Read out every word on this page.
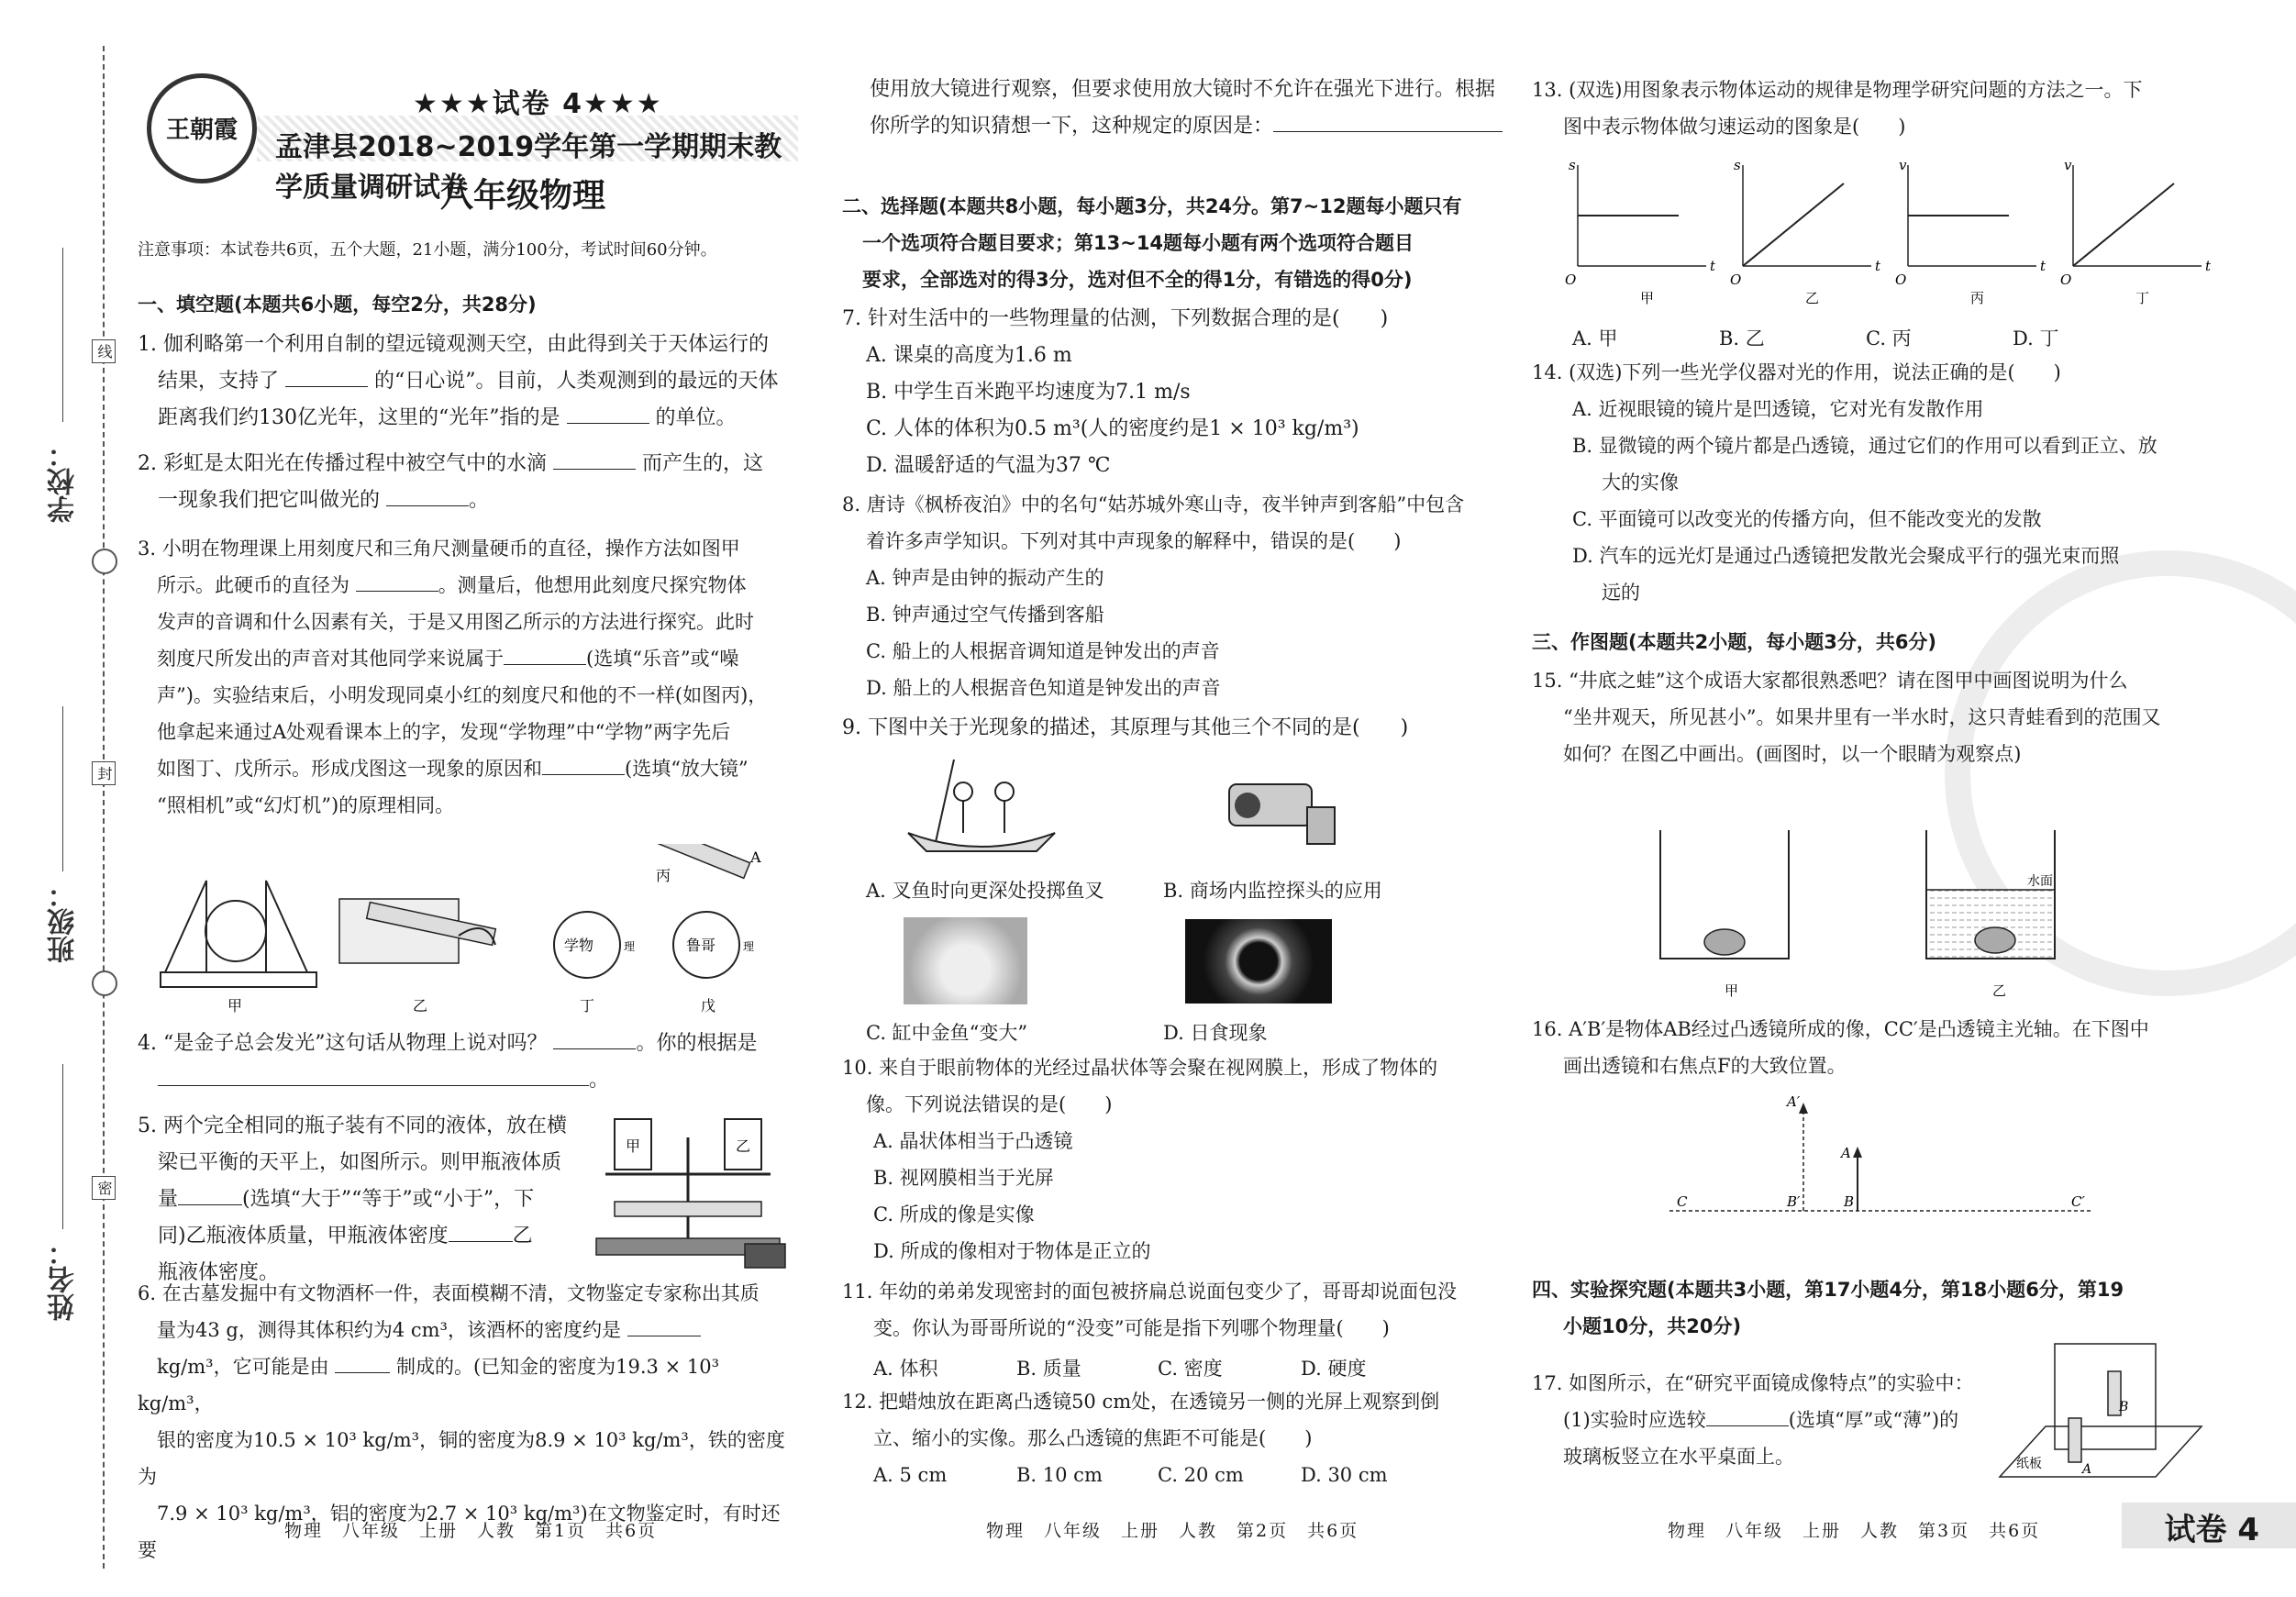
学校：
班级：
姓名：
线
封
密
王朝霞
★★★试卷 4★★★
孟津县2018~2019学年第一学期期末教学质量调研试卷
八年级物理
注意事项：本试卷共6页，五个大题，21小题，满分100分，考试时间60分钟。
一、填空题(本题共6小题，每空2分，共28分)
1. 伽利略第一个利用自制的望远镜观测天空，由此得到关于天体运行的
　结果，支持了	的“日心说”。目前，人类观测到的最远的天体
　距离我们约130亿光年，这里的“光年”指的是	的单位。
2. 彩虹是太阳光在传播过程中被空气中的水滴	而产生的，这
　一现象我们把它叫做光的	。
3. 小明在物理课上用刻度尺和三角尺测量硬币的直径，操作方法如图甲
　所示。此硬币的直径为	。测量后，他想用此刻度尺探究物体
　发声的音调和什么因素有关，于是又用图乙所示的方法进行探究。此时
　刻度尺所发出的声音对其他同学来说属于	(选填“乐音”或“噪
　声”)。实验结束后，小明发现同桌小红的刻度尺和他的不一样(如图丙)，
　他拿起来通过A处观看课本上的字，发现“学物理”中“学物”两字先后
　如图丁、戊所示。形成戊图这一现象的原因和	(选填“放大镜”
　“照相机”或“幻灯机”)的原理相同。
A
学物	理	鲁哥 理
甲	乙
丙
丁	戊
4. “是金子总会发光”这句话从物理上说对吗？	。你的根据是
　。
5. 两个完全相同的瓶子装有不同的液体，放在横
　梁已平衡的天平上，如图所示。则甲瓶液体质
　量	(选填“大于”“等于”或“小于”，下
　同)乙瓶液体质量，甲瓶液体密度	乙
　瓶液体密度。
甲	乙
6. 在古墓发掘中有文物酒杯一件，表面模糊不清，文物鉴定专家称出其质
　量为43 g，测得其体积约为4 cm³，该酒杯的密度约是
　kg/m³，它可能是由	制成的。(已知金的密度为19.3 × 10³ kg/m³，
　银的密度为10.5 × 10³ kg/m³，铜的密度为8.9 × 10³ kg/m³，铁的密度为
　7.9 × 10³ kg/m³，铝的密度为2.7 × 10³ kg/m³)在文物鉴定时，有时还要
物理　八年级　上册　人教　第1页　共6页
使用放大镜进行观察，但要求使用放大镜时不允许在强光下进行。根据
你所学的知识猜想一下，这种规定的原因是：
二、选择题(本题共8小题，每小题3分，共24分。第7~12题每小题只有
一个选项符合题目要求；第13~14题每小题有两个选项符合题目
要求，全部选对的得3分，选对但不全的得1分，有错选的得0分)
7. 针对生活中的一些物理量的估测，下列数据合理的是(　　)
A. 课桌的高度为1.6 m
B. 中学生百米跑平均速度为7.1 m/s
C. 人体的体积为0.5 m³(人的密度约是1 × 10³ kg/m³)
D. 温暖舒适的气温为37 ℃
8. 唐诗《枫桥夜泊》中的名句“姑苏城外寒山寺，夜半钟声到客船”中包含
着许多声学知识。下列对其中声现象的解释中，错误的是(　　)
A. 钟声是由钟的振动产生的
B. 钟声通过空气传播到客船
C. 船上的人根据音调知道是钟发出的声音
D. 船上的人根据音色知道是钟发出的声音
9. 下图中关于光现象的描述，其原理与其他三个不同的是(　　)
A. 叉鱼时向更深处投掷鱼叉	B. 商场内监控探头的应用
C. 缸中金鱼“变大”	D. 日食现象
10. 来自于眼前物体的光经过晶状体等会聚在视网膜上，形成了物体的
像。下列说法错误的是(　　)
A. 晶状体相当于凸透镜
B. 视网膜相当于光屏
C. 所成的像是实像
D. 所成的像相对于物体是正立的
11. 年幼的弟弟发现密封的面包被挤扁总说面包变少了，哥哥却说面包没
变。你认为哥哥所说的“没变”可能是指下列哪个物理量(　　)
A. 体积	B. 质量	C. 密度	D. 硬度
12. 把蜡烛放在距离凸透镜50 cm处，在透镜另一侧的光屏上观察到倒
立、缩小的实像。那么凸透镜的焦距不可能是(　　)
A. 5 cm	B. 10 cm	C. 20 cm	D. 30 cm
物理　八年级　上册　人教　第2页　共6页
13. (双选)用图象表示物体运动的规律是物理学研究问题的方法之一。下
图中表示物体做匀速运动的图象是(　　)
s
t
O
甲
s
t
O
乙
v
t
O
丙
v
t
O
丁
A. 甲	B. 乙	C. 丙	D. 丁
14. (双选)下列一些光学仪器对光的作用，说法正确的是(　　)
A. 近视眼镜的镜片是凹透镜，它对光有发散作用
B. 显微镜的两个镜片都是凸透镜，通过它们的作用可以看到正立、放
大的实像
C. 平面镜可以改变光的传播方向，但不能改变光的发散
D. 汽车的远光灯是通过凸透镜把发散光会聚成平行的强光束而照
远的
三、作图题(本题共2小题，每小题3分，共6分)
15. “井底之蛙”这个成语大家都很熟悉吧？请在图甲中画图说明为什么
“坐井观天，所见甚小”。如果井里有一半水时，这只青蛙看到的范围又
如何？在图乙中画出。(画图时，以一个眼睛为观察点)
甲
水面
乙
16. A′B′是物体AB经过凸透镜所成的像，CC′是凸透镜主光轴。在下图中
画出透镜和右焦点F的大致位置。
A′
A
C	B′	B	C′
四、实验探究题(本题共3小题，第17小题4分，第18小题6分，第19
小题10分，共20分)
17. 如图所示，在“研究平面镜成像特点”的实验中：
(1)实验时应选较	(选填“厚”或“薄”)的
玻璃板竖立在水平桌面上。
B
A
纸板
物理　八年级　上册　人教　第3页　共6页	试卷 4
